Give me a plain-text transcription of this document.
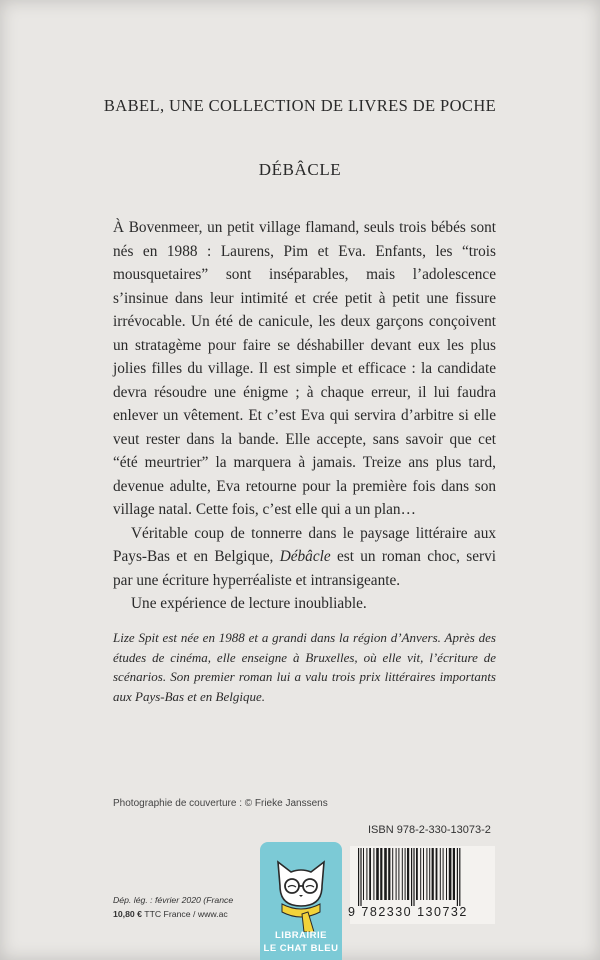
BABEL, UNE COLLECTION DE LIVRES DE POCHE
DÉBÂCLE

À Bovenmeer, un petit village flamand, seuls trois bébés sont nés en 1988 : Laurens, Pim et Eva. Enfants, les “trois mousquetaires” sont inséparables, mais l’adolescence s’insinue dans leur intimité et crée petit à petit une fissure irrévocable. Un été de canicule, les deux garçons conçoivent un stratagème pour faire se déshabiller devant eux les plus jolies filles du village. Il est simple et efficace : la candidate devra résoudre une énigme ; à chaque erreur, il lui faudra enlever un vêtement. Et c’est Eva qui servira d’arbitre si elle veut rester dans la bande. Elle accepte, sans savoir que cet “été meurtrier” la marquera à jamais. Treize ans plus tard, devenue adulte, Eva retourne pour la première fois dans son village natal. Cette fois, c’est elle qui a un plan…

Véritable coup de tonnerre dans le paysage littéraire aux Pays-Bas et en Belgique, Débâcle est un roman choc, servi par une écriture hyperréaliste et intransigeante.

Une expérience de lecture inoubliable.

Lize Spit est née en 1988 et a grandi dans la région d’Anvers. Après des études de cinéma, elle enseigne à Bruxelles, où elle vit, l’écriture de scénarios. Son premier roman lui a valu trois prix littéraires importants aux Pays-Bas et en Belgique.
Photographie de couverture : © Frieke Janssens
ISBN 978-2-330-13073-2
9 782330 130732
Dép. lég. : février 2020 (France
10,80 € TTC France / www.ac
LIBRAIRIE
LE CHAT BLEU
